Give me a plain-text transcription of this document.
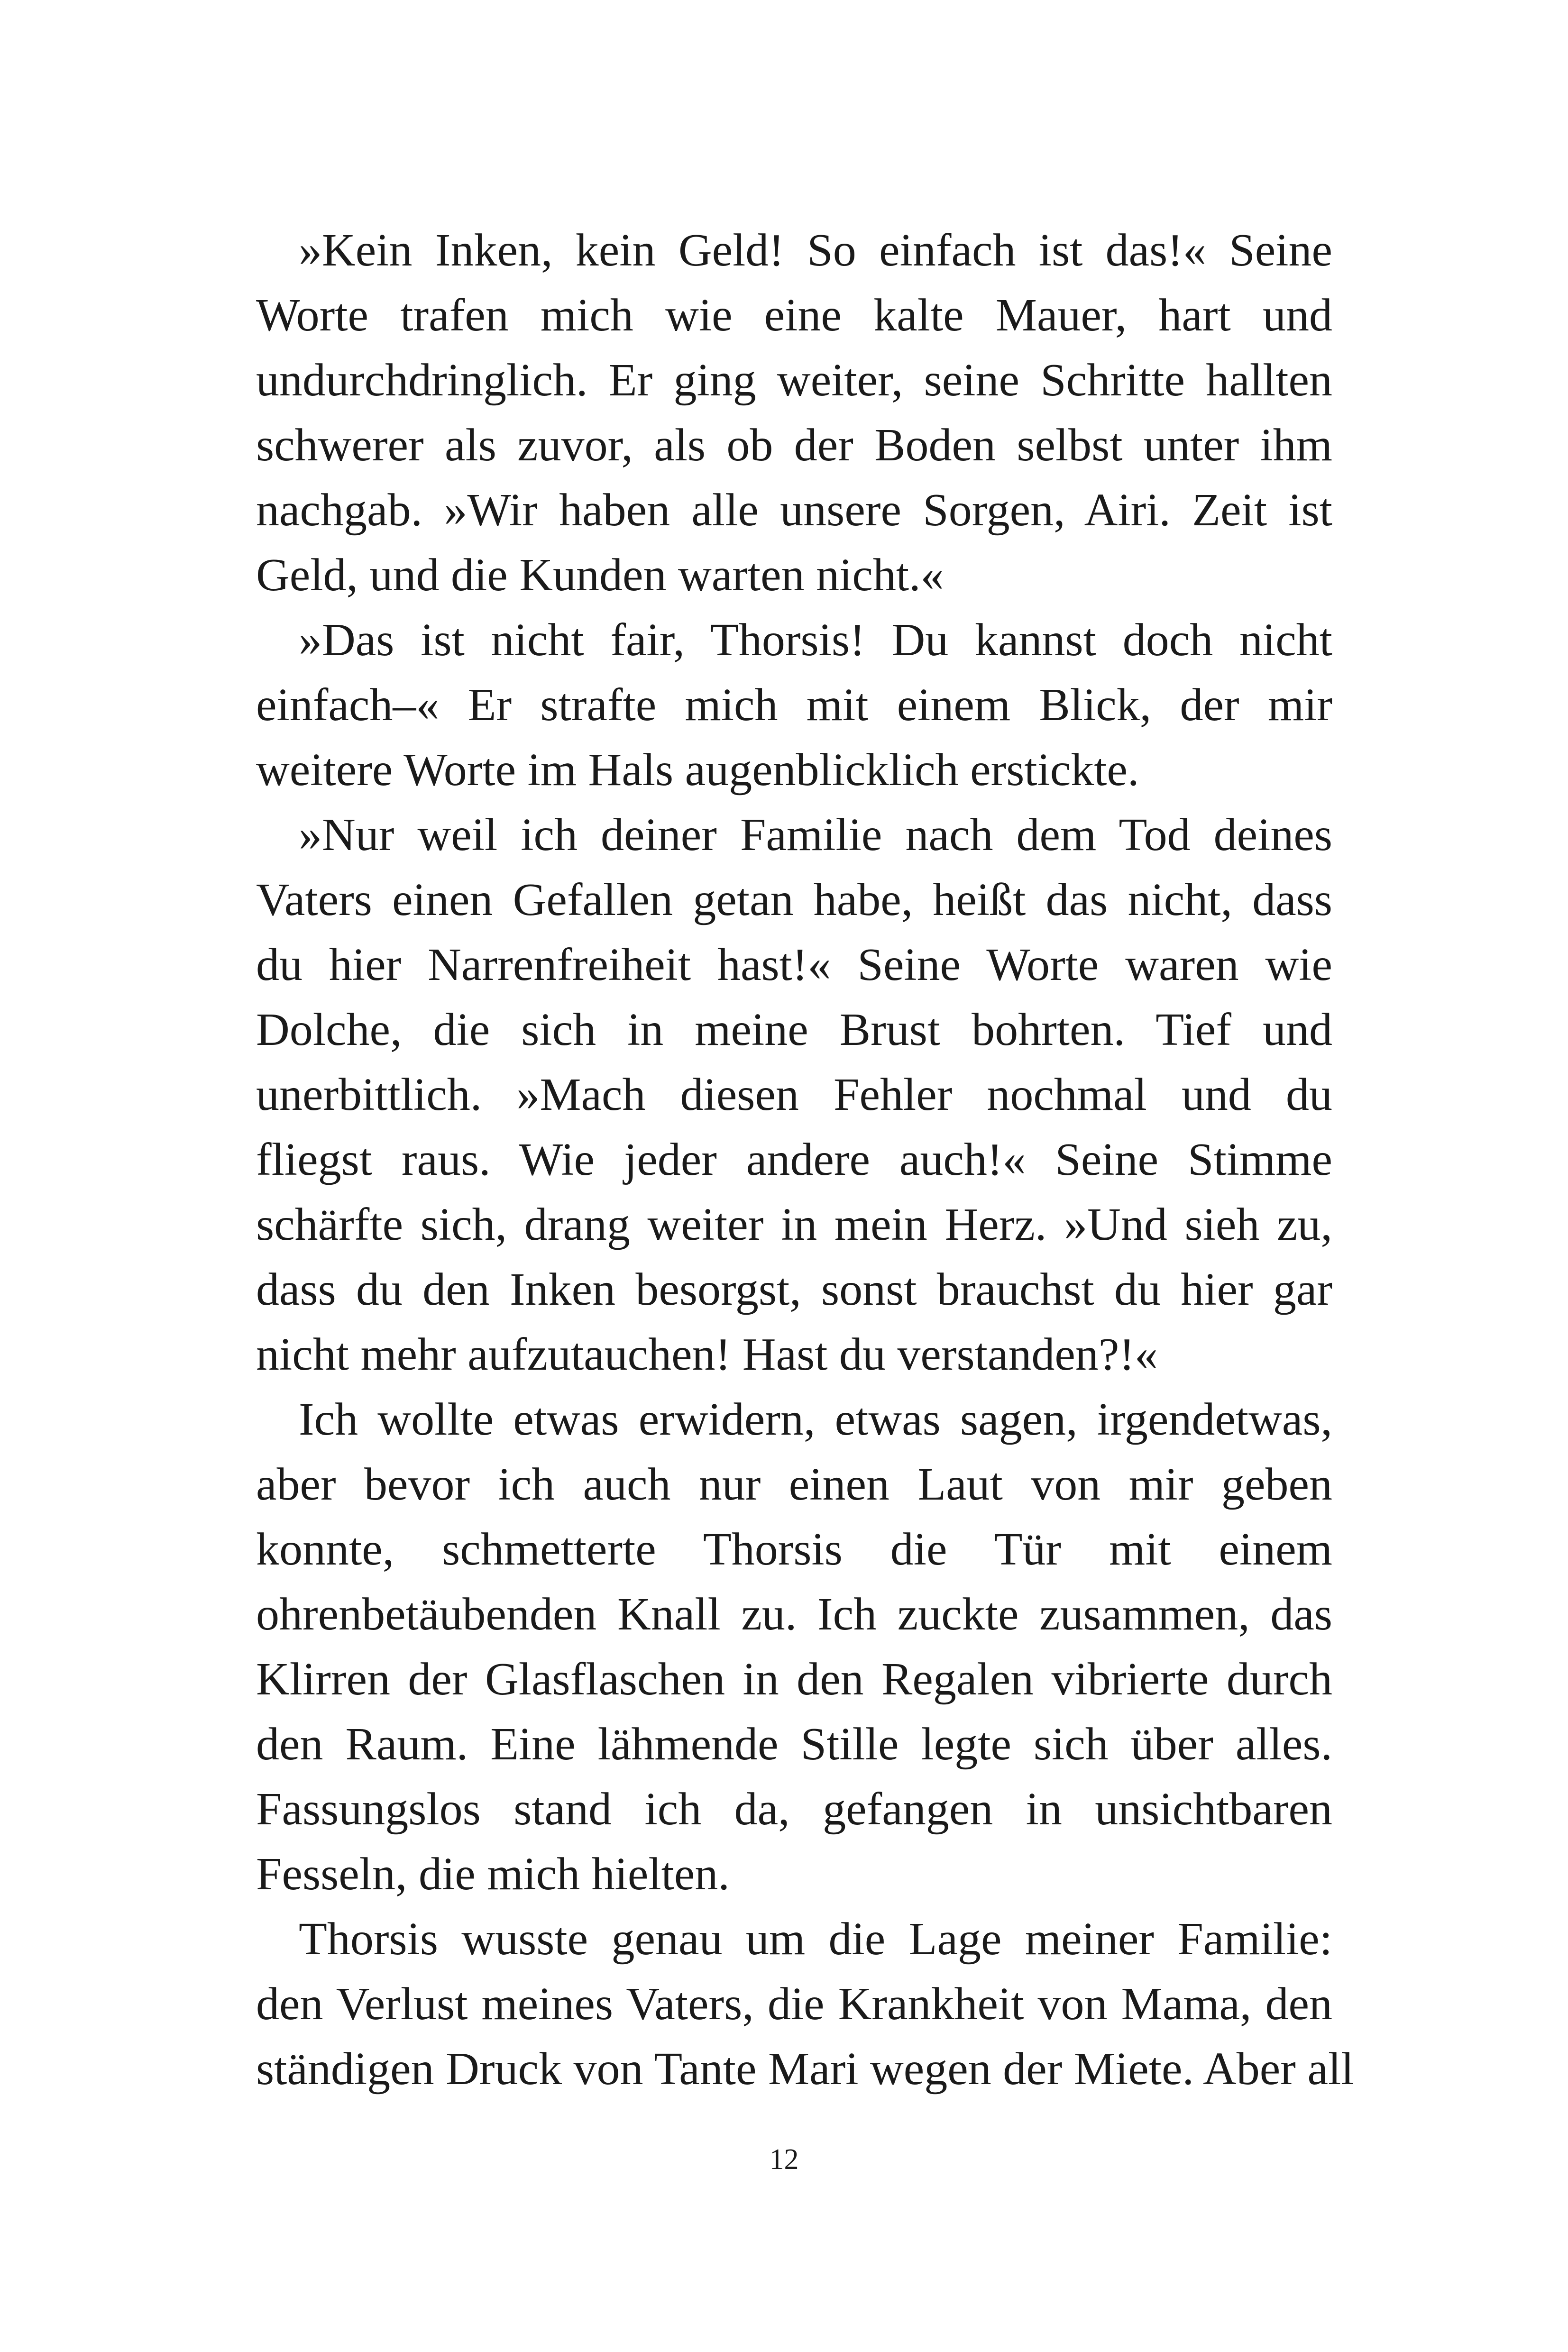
»Kein Inken, kein Geld! So einfach ist das!« Seine
Worte trafen mich wie eine kalte Mauer, hart und
undurchdringlich. Er ging weiter, seine Schritte hallten
schwerer als zuvor, als ob der Boden selbst unter ihm
nachgab. »Wir haben alle unsere Sorgen, Airi. Zeit ist
Geld, und die Kunden warten nicht.«
»Das ist nicht fair, Thorsis! Du kannst doch nicht
einfach–« Er strafte mich mit einem Blick, der mir
weitere Worte im Hals augenblicklich erstickte.
»Nur weil ich deiner Familie nach dem Tod deines
Vaters einen Gefallen getan habe, heißt das nicht, dass
du hier Narrenfreiheit hast!« Seine Worte waren wie
Dolche, die sich in meine Brust bohrten. Tief und
unerbittlich. »Mach diesen Fehler nochmal und du
fliegst raus. Wie jeder andere auch!« Seine Stimme
schärfte sich, drang weiter in mein Herz. »Und sieh zu,
dass du den Inken besorgst, sonst brauchst du hier gar
nicht mehr aufzutauchen! Hast du verstanden?!«
Ich wollte etwas erwidern, etwas sagen, irgendetwas,
aber bevor ich auch nur einen Laut von mir geben
konnte, schmetterte Thorsis die Tür mit einem
ohrenbetäubenden Knall zu. Ich zuckte zusammen, das
Klirren der Glasflaschen in den Regalen vibrierte durch
den Raum. Eine lähmende Stille legte sich über alles.
Fassungslos stand ich da, gefangen in unsichtbaren
Fesseln, die mich hielten.
Thorsis wusste genau um die Lage meiner Familie:
den Verlust meines Vaters, die Krankheit von Mama, den
ständigen Druck von Tante Mari wegen der Miete. Aber all
12
